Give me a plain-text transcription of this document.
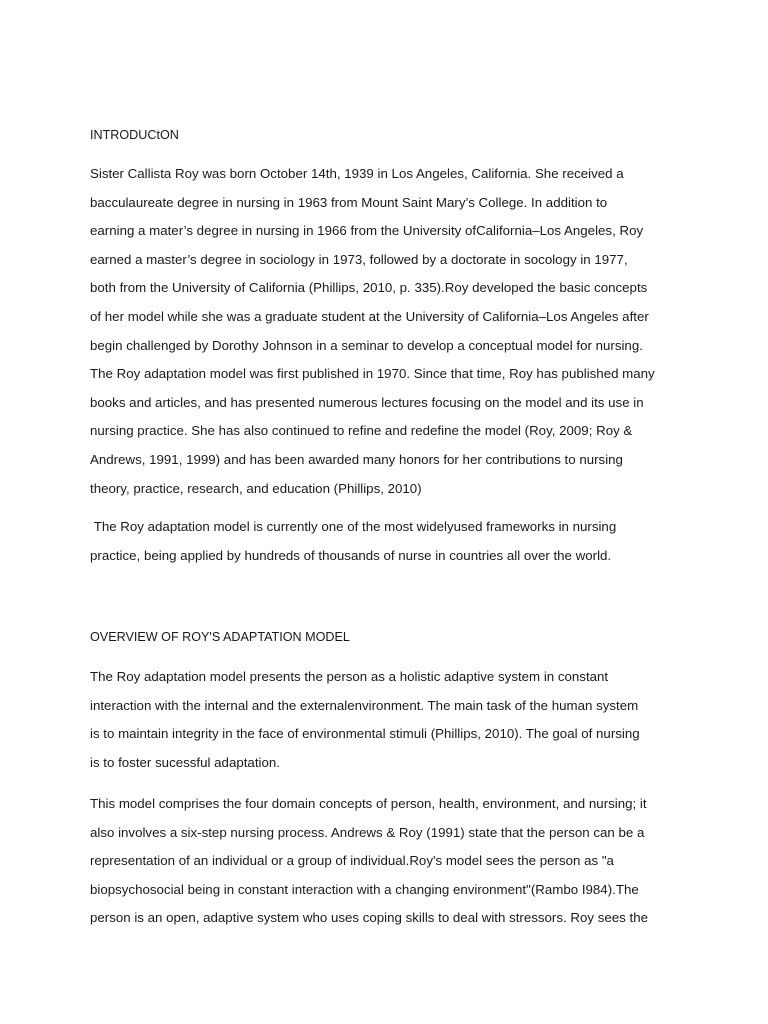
INTRODUCtON
Sister Callista Roy was born October 14th, 1939 in Los Angeles, California. She received a
bacculaureate degree in nursing in 1963 from Mount Saint Mary’s College. In addition to
earning a mater’s degree in nursing in 1966 from the University ofCalifornia–Los Angeles, Roy
earned a master’s degree in sociology in 1973, followed by a doctorate in socology in 1977,
both from the University of California (Phillips, 2010, p. 335).Roy developed the basic concepts
of her model while she was a graduate student at the University of California–Los Angeles after
begin challenged by Dorothy Johnson in a seminar to develop a conceptual model for nursing.
The Roy adaptation model was first published in 1970. Since that time, Roy has published many
books and articles, and has presented numerous lectures focusing on the model and its use in
nursing practice. She has also continued to refine and redefine the model (Roy, 2009; Roy &
Andrews, 1991, 1999) and has been awarded many honors for her contributions to nursing
theory, practice, research, and education (Phillips, 2010)
The Roy adaptation model is currently one of the most widelyused frameworks in nursing
practice, being applied by hundreds of thousands of nurse in countries all over the world.
OVERVIEW OF ROY'S ADAPTATION MODEL
The Roy adaptation model presents the person as a holistic adaptive system in constant
interaction with the internal and the externalenvironment. The main task of the human system
is to maintain integrity in the face of environmental stimuli (Phillips, 2010). The goal of nursing
is to foster sucessful adaptation.
This model comprises the four domain concepts of person, health, environment, and nursing; it
also involves a six-step nursing process. Andrews & Roy (1991) state that the person can be a
representation of an individual or a group of individual.Roy's model sees the person as "a
biopsychosocial being in constant interaction with a changing environment"(Rambo I984).The
person is an open, adaptive system who uses coping skills to deal with stressors. Roy sees the
